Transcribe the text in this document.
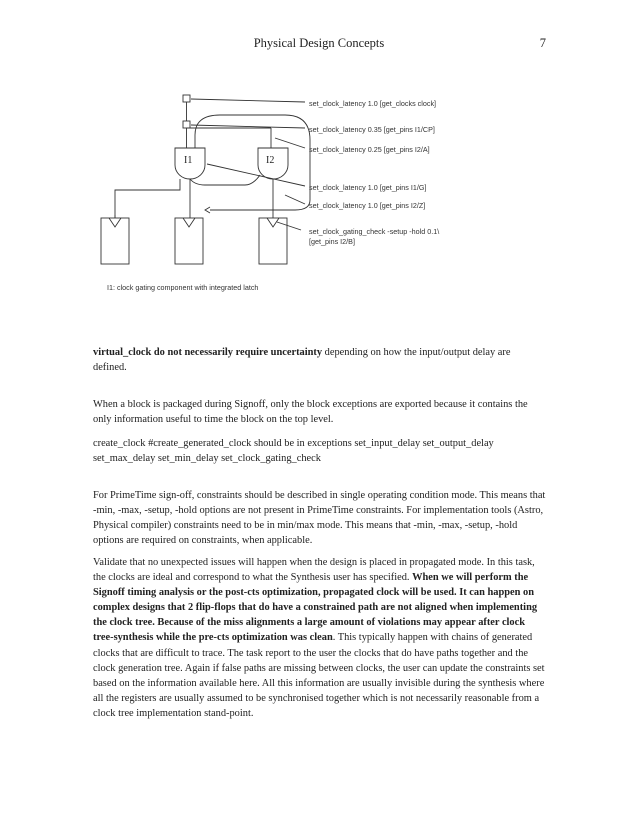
Physical Design Concepts	7
I1	I2
set_clock_latency 1.0 [get_clocks clock]
set_clock_latency 0.35 [get_pins I1/CP]
set_clock_latency 0.25 [get_pins I2/A]
set_clock_latency 1.0 [get_pins I1/G]
set_clock_latency 1.0 [get_pins I2/Z]
set_clock_gating_check -setup -hold 0.1\
[get_pins I2/B]
I1: clock gating component with integrated latch

virtual_clock do not necessarily require uncertainty depending on how the input/output delay are defined.

When a block is packaged during Signoff, only the block exceptions are exported because it contains the only information useful to time the block on the top level.

create_clock #create_generated_clock should be in exceptions set_input_delay set_output_delay set_max_delay set_min_delay set_clock_gating_check

For PrimeTime sign-off, constraints should be described in single operating condition mode. This means that -min, -max, -setup, -hold options are not present in PrimeTime constraints. For implementation tools (Astro, Physical compiler) constraints need to be in min/max mode. This means that -min, -max, -setup, -hold options are required on constraints, when applicable.

Validate that no unexpected issues will happen when the design is placed in propagated mode. In this task, the clocks are ideal and correspond to what the Synthesis user has specified. When we will perform the Signoff timing analysis or the post-cts optimization, propagated clock will be used. It can happen on complex designs that 2 flip-flops that do have a constrained path are not aligned when implementing the clock tree. Because of the miss alignments a large amount of violations may appear after clock tree-synthesis while the pre-cts optimization was clean. This typically happen with chains of generated clocks that are difficult to trace. The task report to the user the clocks that do have paths together and the clock generation tree. Again if false paths are missing between clocks, the user can update the constraints set based on the information available here. All this information are usually invisible during the synthesis where all the registers are usually assumed to be synchronised together which is not necessarily reasonable from a clock tree implementation stand-point.
